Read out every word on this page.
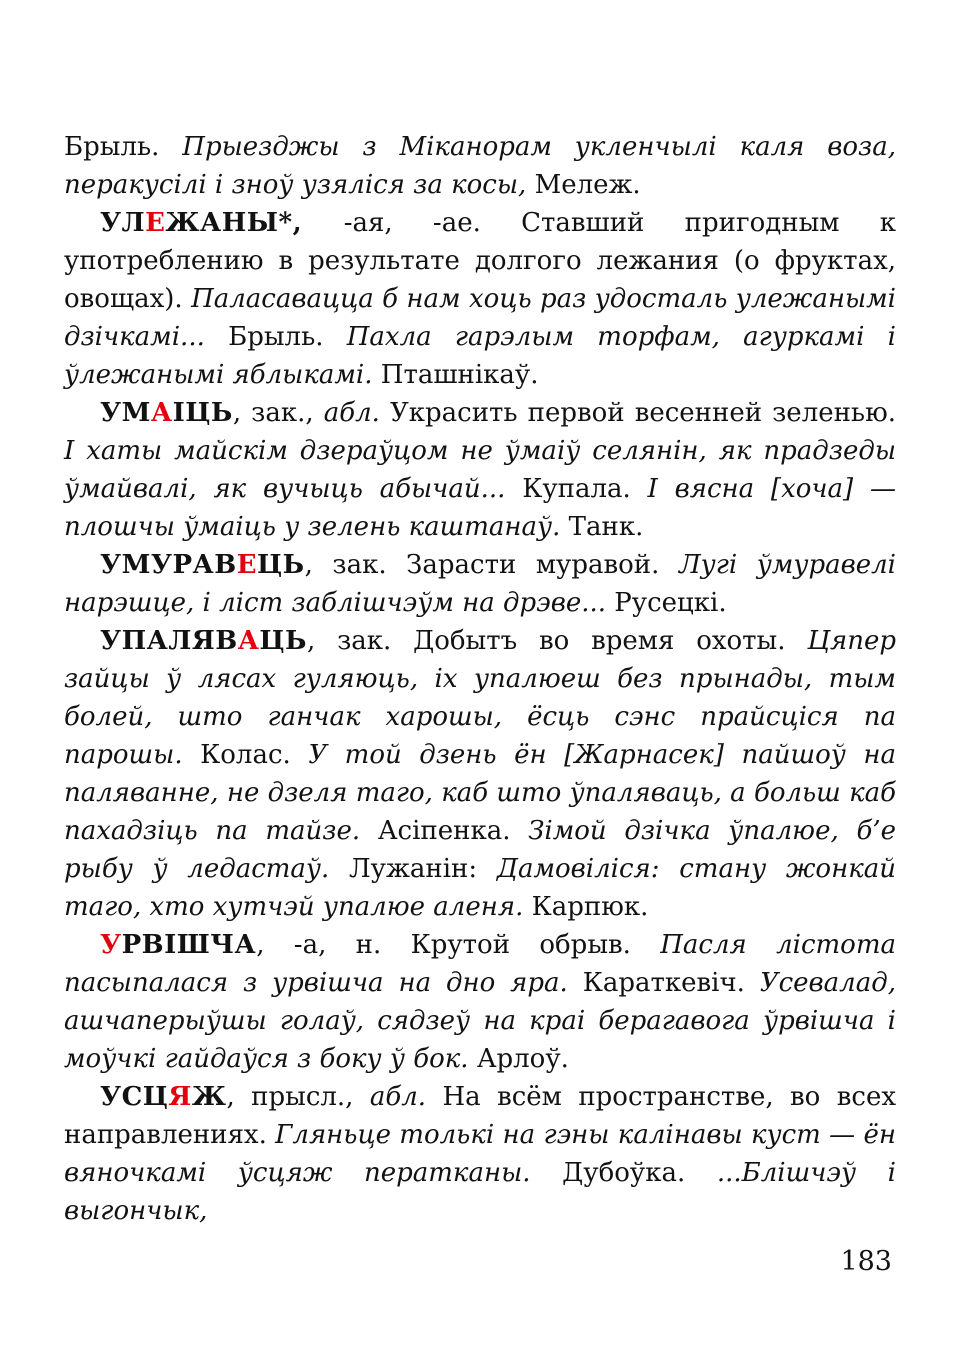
Брыль. Прыезджы з Міканорам укленчылі каля воза, перакусілі і зноў узяліся за косы, Мележ.

УЛЕЖАНЫ*, -ая, -ае. Ставший пригодным к употреблению в результате долгого лежания (о фруктах, овощах). Паласавацца б нам хоць раз удосталь улежанымі дзічкамі... Брыль. Пахла гарэлым торфам, агуркамі і ўлежанымі яблыкамі. Пташнікаў.

УМАІЦЬ, зак., абл. Украсить первой весенней зеленью. І хаты майскім дзераўцом не ўмаіў селянін, як прадзеды ўмайвалі, як вучыць абычай... Купала. І вясна [хоча] — плошчы ўмаіць у зелень каштанаў. Танк.

УМУРАВЕЦЬ, зак. Зарасти муравой. Лугі ўмуравелі нарэшце, і ліст заблішчэўм на дрэве... Русецкі.

УПАЛЯВАЦЬ, зак. Добытъ во время охоты. Цяпер зайцы ў лясах гуляюць, іх упалюеш без прынады, тым болей, што ганчак харошы, ёсць сэнс прайсціся па парошы. Колас. У той дзень ён [Жарнасек] пайшоў на паляванне, не дзеля таго, каб што ўпаляваць, а больш каб пахадзіць па тайзе. Асіпенка. Зімой дзічка ўпалюе, б’е рыбу ў ледастаў. Лужанін: Дамовіліся: стану жонкай таго, хто хутчэй упалюе аленя. Карпюк.

УРВІШЧА, -а, н. Крутой обрыв. Пасля лістота пасыпалася з урвішча на дно яра. Караткевіч. Усевалад, ашчаперыўшы голаў, сядзеў на краі берагавога ўрвішча і моўчкі гайдаўся з боку ў бок. Арлоў.

УСЦЯЖ, прысл., абл. На всём пространстве, во всех направлениях. Гляньце толькі на гэны калінавы куст — ён вяночкамі ўсцяж ператканы. Дубоўка. ...Блішчэў і выгончык,

183
